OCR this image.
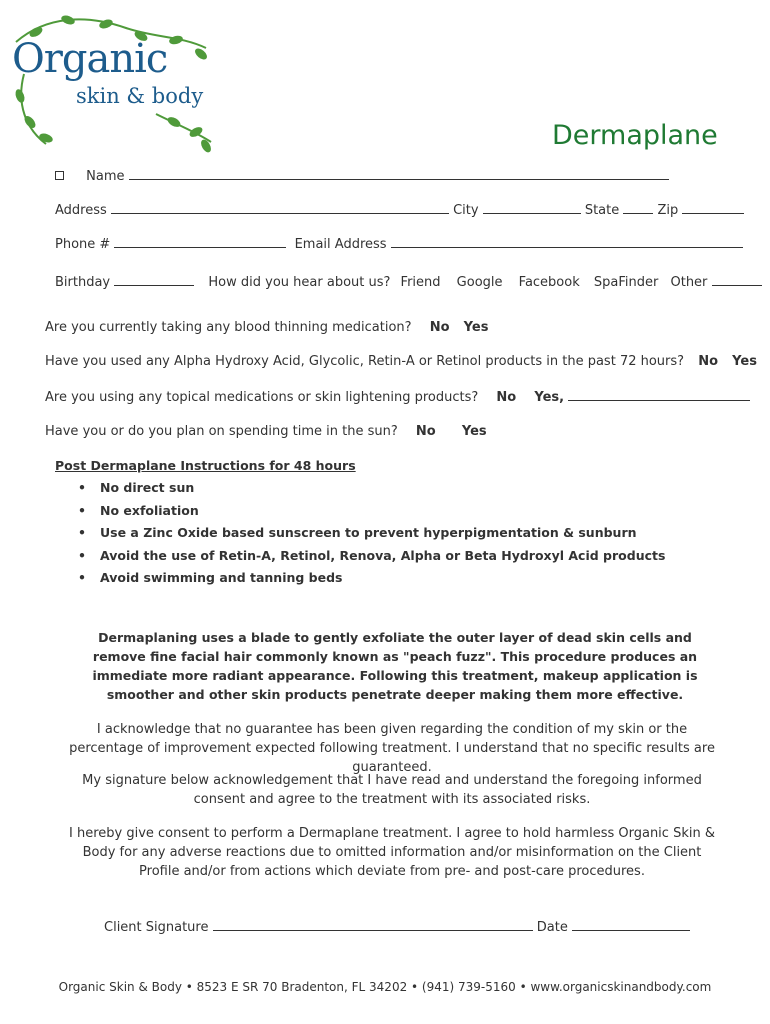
Organic
skin & body
Dermaplane
Name
Address	City	State	Zip
Phone #	Email Address
Birthday	How did you hear about us? Friend Google Facebook SpaFinder Other
Are you currently taking any blood thinning medication? No Yes
Have you used any Alpha Hydroxy Acid, Glycolic, Retin-A or Retinol products in the past 72 hours? No Yes
Are you using any topical medications or skin lightening products? No Yes,
Have you or do you plan on spending time in the sun? No Yes
Post Dermaplane Instructions for 48 hours
• No direct sun
• No exfoliation
• Use a Zinc Oxide based sunscreen to prevent hyperpigmentation & sunburn
• Avoid the use of Retin-A, Retinol, Renova, Alpha or Beta Hydroxyl Acid products
• Avoid swimming and tanning beds
Dermaplaning uses a blade to gently exfoliate the outer layer of dead skin cells and remove fine facial hair commonly known as "peach fuzz". This procedure produces an immediate more radiant appearance. Following this treatment, makeup application is smoother and other skin products penetrate deeper making them more effective.
I acknowledge that no guarantee has been given regarding the condition of my skin or the percentage of improvement expected following treatment. I understand that no specific results are guaranteed.
My signature below acknowledgement that I have read and understand the foregoing informed consent and agree to the treatment with its associated risks.
I hereby give consent to perform a Dermaplane treatment. I agree to hold harmless Organic Skin & Body for any adverse reactions due to omitted information and/or misinformation on the Client Profile and/or from actions which deviate from pre- and post-care procedures.
Client Signature	Date
Organic Skin & Body • 8523 E SR 70 Bradenton, FL 34202 • (941) 739-5160 • www.organicskinandbody.com
